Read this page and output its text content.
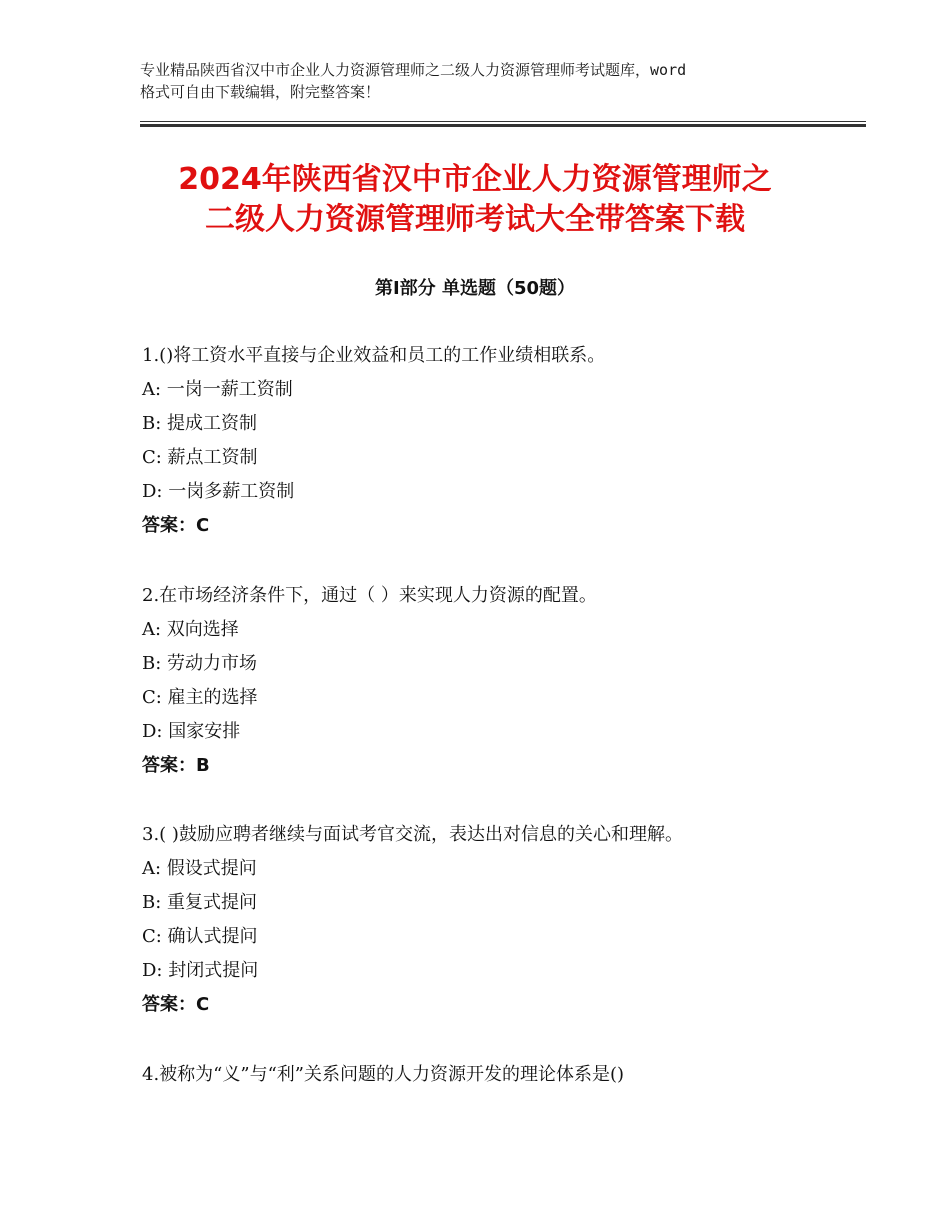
专业精品陕西省汉中市企业人力资源管理师之二级人力资源管理师考试题库，word
格式可自由下载编辑，附完整答案！
2024年陕西省汉中市企业人力资源管理师之
二级人力资源管理师考试大全带答案下载
第Ⅰ部分 单选题（50题）
1.()将工资水平直接与企业效益和员工的工作业绩相联系。
A: 一岗一薪工资制
B: 提成工资制
C: 薪点工资制
D: 一岗多薪工资制
答案：C
2.在市场经济条件下，通过（ ）来实现人力资源的配置。
A: 双向选择
B: 劳动力市场
C: 雇主的选择
D: 国家安排
答案：B
3.( )鼓励应聘者继续与面试考官交流，表达出对信息的关心和理解。
A: 假设式提问
B: 重复式提问
C: 确认式提问
D: 封闭式提问
答案：C
4.被称为“义”与“利”关系问题的人力资源开发的理论体系是()
